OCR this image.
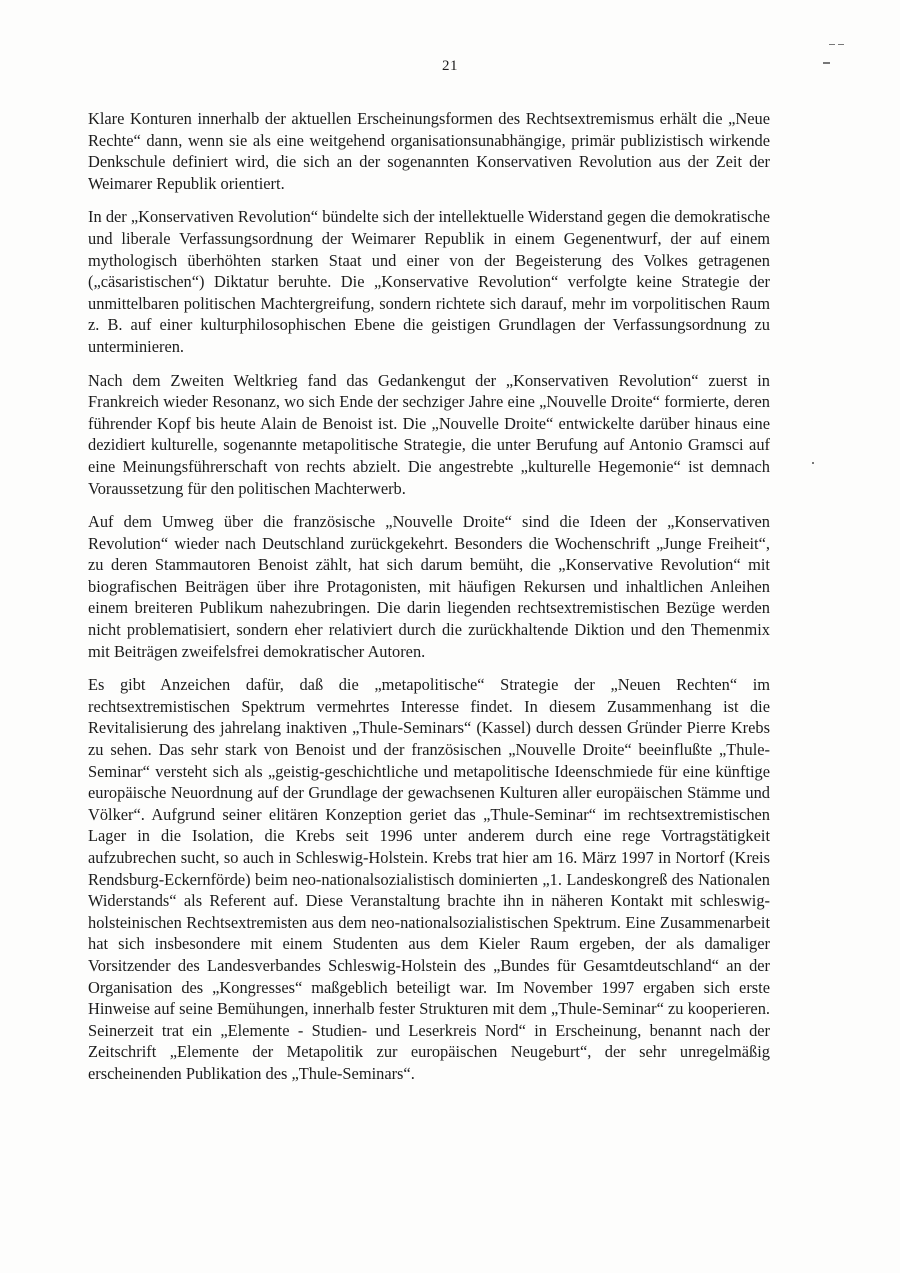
21

Klare Konturen innerhalb der aktuellen Erscheinungsformen des Rechtsextremismus erhält die „Neue Rechte“ dann, wenn sie als eine weitgehend organisationsunabhängige, primär publizistisch wirkende Denkschule definiert wird, die sich an der sogenannten Konservativen Revolution aus der Zeit der Weimarer Republik orientiert.

In der „Konservativen Revolution“ bündelte sich der intellektuelle Widerstand gegen die demokratische und liberale Verfassungsordnung der Weimarer Republik in einem Gegenentwurf, der auf einem mythologisch überhöhten starken Staat und einer von der Begeisterung des Volkes getragenen („cäsaristischen“) Diktatur beruhte. Die „Konservative Revolution“ verfolgte keine Strategie der unmittelbaren politischen Machtergreifung, sondern richtete sich darauf, mehr im vorpolitischen Raum z. B. auf einer kulturphilosophischen Ebene die geistigen Grundlagen der Verfassungsordnung zu unterminieren.

Nach dem Zweiten Weltkrieg fand das Gedankengut der „Konservativen Revolution“ zuerst in Frankreich wieder Resonanz, wo sich Ende der sechziger Jahre eine „Nouvelle Droite“ formierte, deren führender Kopf bis heute Alain de Benoist ist. Die „Nouvelle Droite“ entwickelte darüber hinaus eine dezidiert kulturelle, sogenannte metapolitische Strategie, die unter Berufung auf Antonio Gramsci auf eine Meinungsführerschaft von rechts abzielt. Die angestrebte „kulturelle Hegemonie“ ist demnach Voraussetzung für den politischen Machterwerb.

Auf dem Umweg über die französische „Nouvelle Droite“ sind die Ideen der „Konservativen Revolution“ wieder nach Deutschland zurückgekehrt. Besonders die Wochenschrift „Junge Freiheit“, zu deren Stammautoren Benoist zählt, hat sich darum bemüht, die „Konservative Revolution“ mit biografischen Beiträgen über ihre Protagonisten, mit häufigen Rekursen und inhaltlichen Anleihen einem breiteren Publikum nahezubringen. Die darin liegenden rechtsextremistischen Bezüge werden nicht problematisiert, sondern eher relativiert durch die zurückhaltende Diktion und den Themenmix mit Beiträgen zweifelsfrei demokratischer Autoren.

Es gibt Anzeichen dafür, daß die „metapolitische“ Strategie der „Neuen Rechten“ im rechtsextremistischen Spektrum vermehrtes Interesse findet. In diesem Zusammenhang ist die Revitalisierung des jahrelang inaktiven „Thule-Seminars“ (Kassel) durch dessen Gründer Pierre Krebs zu sehen. Das sehr stark von Benoist und der französischen „Nouvelle Droite“ beeinflußte „Thule-Seminar“ versteht sich als „geistig-geschichtliche und metapolitische Ideenschmiede für eine künftige europäische Neuordnung auf der Grundlage der gewachsenen Kulturen aller europäischen Stämme und Völker“. Aufgrund seiner elitären Konzeption geriet das „Thule-Seminar“ im rechtsextremistischen Lager in die Isolation, die Krebs seit 1996 unter anderem durch eine rege Vortragstätigkeit aufzubrechen sucht, so auch in Schleswig-Holstein. Krebs trat hier am 16. März 1997 in Nortorf (Kreis Rendsburg-Eckernförde) beim neo-nationalsozialistisch dominierten „1. Landeskongreß des Nationalen Widerstands“ als Referent auf. Diese Veranstaltung brachte ihn in näheren Kontakt mit schleswig-holsteinischen Rechtsextremisten aus dem neo-nationalsozialistischen Spektrum. Eine Zusammenarbeit hat sich insbesondere mit einem Studenten aus dem Kieler Raum ergeben, der als damaliger Vorsitzender des Landesverbandes Schleswig-Holstein des „Bundes für Gesamtdeutschland“ an der Organisation des „Kongresses“ maßgeblich beteiligt war. Im November 1997 ergaben sich erste Hinweise auf seine Bemühungen, innerhalb fester Strukturen mit dem „Thule-Seminar“ zu kooperieren. Seinerzeit trat ein „Elemente - Studien- und Leserkreis Nord“ in Erscheinung, benannt nach der Zeitschrift „Elemente der Metapolitik zur europäischen Neugeburt“, der sehr unregelmäßig erscheinenden Publikation des „Thule-Seminars“.
